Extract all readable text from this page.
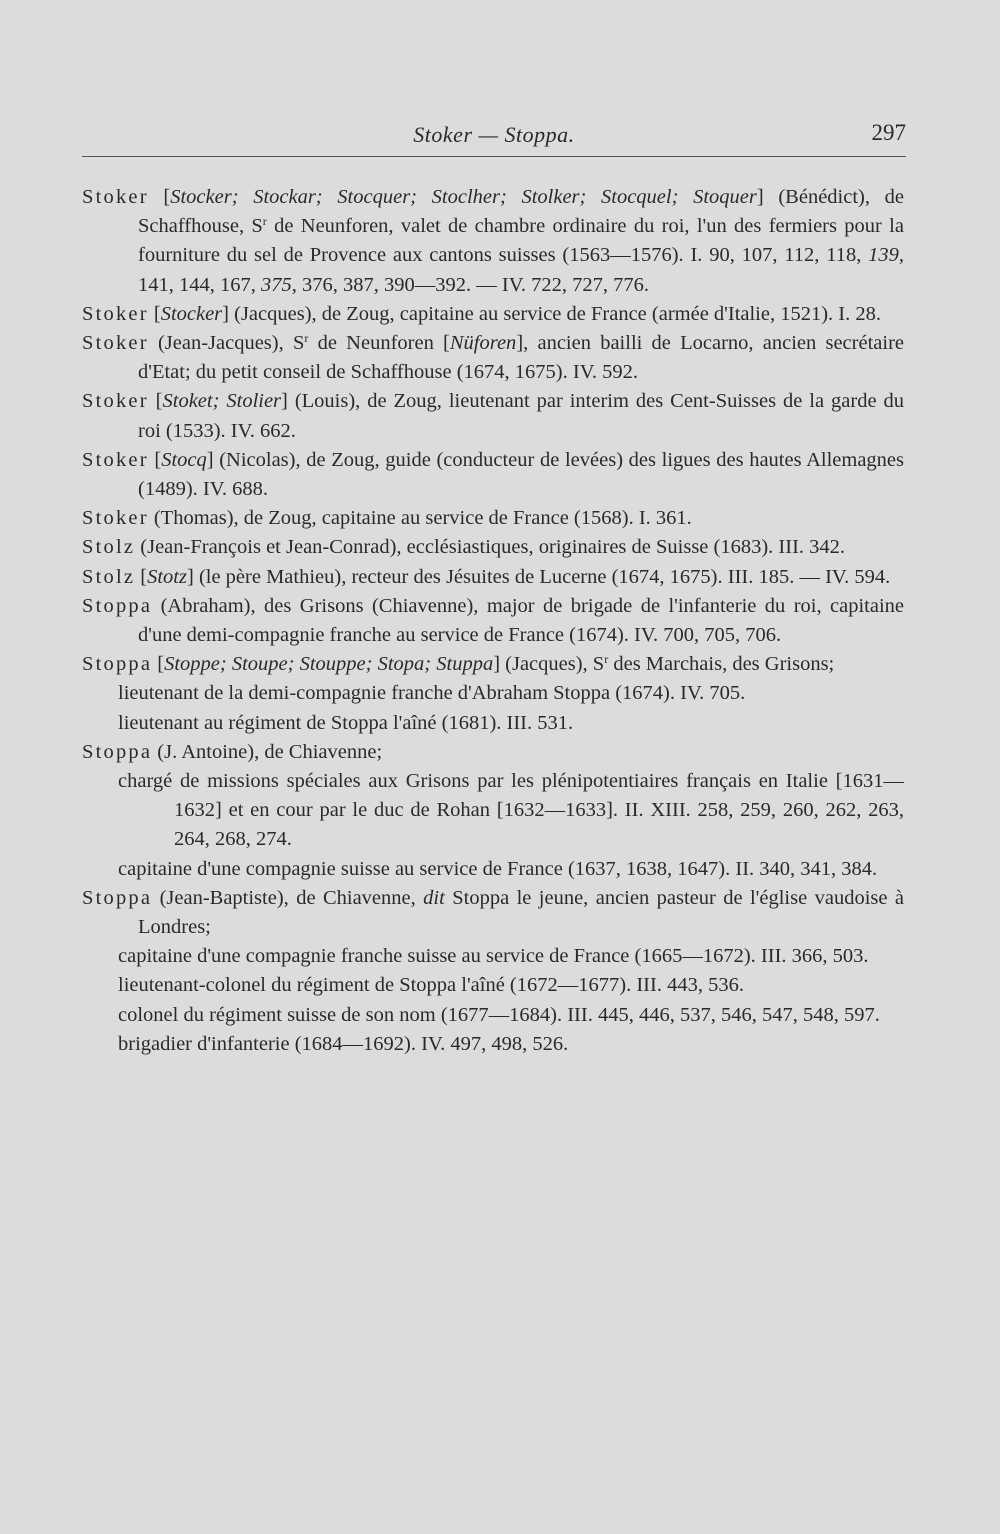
Stoker — Stoppa.	297

Stoker [Stocker; Stockar; Stocquer; Stoclher; Stolker; Stocquel; Stoquer] (Bénédict), de Schaffhouse, $S^r$ de Neunforen, valet de chambre ordinaire du roi, l'un des fermiers pour la fourniture du sel de Provence aux cantons suisses (1563—1576). I. 90, 107, 112, 118, 139, 141, 144, 167, 375, 376, 387, 390—392. — IV. 722, 727, 776.

Stoker [Stocker] (Jacques), de Zoug, capitaine au service de France (armée d'Italie, 1521). I. 28.

Stoker (Jean-Jacques), $S^r$ de Neunforen [Nüforen], ancien bailli de Locarno, ancien secrétaire d'Etat; du petit conseil de Schaffhouse (1674, 1675). IV. 592.

Stoker [Stoket; Stolier] (Louis), de Zoug, lieutenant par interim des Cent-Suisses de la garde du roi (1533). IV. 662.

Stoker [Stocq] (Nicolas), de Zoug, guide (conducteur de levées) des ligues des hautes Allemagnes (1489). IV. 688.

Stoker (Thomas), de Zoug, capitaine au service de France (1568). I. 361.

Stolz (Jean-François et Jean-Conrad), ecclésiastiques, originaires de Suisse (1683). III. 342.

Stolz [Stotz] (le père Mathieu), recteur des Jésuites de Lucerne (1674, 1675). III. 185. — IV. 594.

Stoppa (Abraham), des Grisons (Chiavenne), major de brigade de l'infanterie du roi, capitaine d'une demi-compagnie franche au service de France (1674). IV. 700, 705, 706.

Stoppa [Stoppe; Stoupe; Stouppe; Stopa; Stuppa] (Jacques), $S^r$ des Marchais, des Grisons;

lieutenant de la demi-compagnie franche d'Abraham Stoppa (1674). IV. 705.

lieutenant au régiment de Stoppa l'aîné (1681). III. 531.

Stoppa (J. Antoine), de Chiavenne;

chargé de missions spéciales aux Grisons par les plénipotentiaires français en Italie [1631—1632] et en cour par le duc de Rohan [1632—1633]. II. XIII. 258, 259, 260, 262, 263, 264, 268, 274.

capitaine d'une compagnie suisse au service de France (1637, 1638, 1647). II. 340, 341, 384.

Stoppa (Jean-Baptiste), de Chiavenne, dit Stoppa le jeune, ancien pasteur de l'église vaudoise à Londres;

capitaine d'une compagnie franche suisse au service de France (1665—1672). III. 366, 503.

lieutenant-colonel du régiment de Stoppa l'aîné (1672—1677). III. 443, 536.

colonel du régiment suisse de son nom (1677—1684). III. 445, 446, 537, 546, 547, 548, 597.

brigadier d'infanterie (1684—1692). IV. 497, 498, 526.
